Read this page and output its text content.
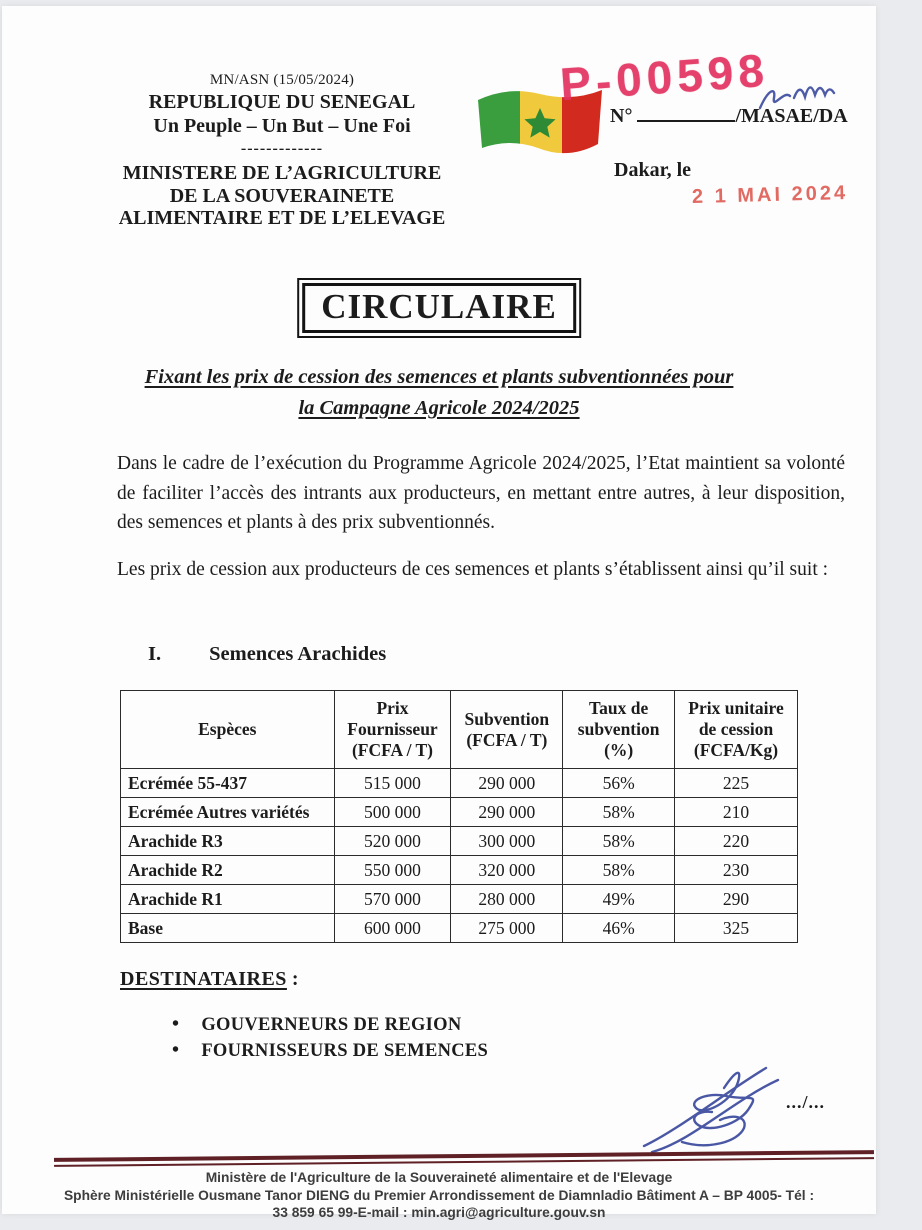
MN/ASN (15/05/2024)
REPUBLIQUE DU SENEGAL
Un Peuple – Un But – Une Foi
-------------
MINISTERE DE L’AGRICULTURE
DE LA SOUVERAINETE
ALIMENTAIRE ET DE L’ELEVAGE
P-00598
N°	/MASAE/DA
Dakar, le
2 1 MAI 2024
CIRCULAIRE
Fixant les prix de cession des semences et plants subventionnées pour
la Campagne Agricole 2024/2025

Dans le cadre de l’exécution du Programme Agricole 2024/2025, l’Etat maintient sa volonté de faciliter l’accès des intrants aux producteurs, en mettant entre autres, à leur disposition, des semences et plants à des prix subventionnés.

Les prix de cession aux producteurs de ces semences et plants s’établissent ainsi qu’il suit :

I. Semences Arachides
Espèces	Prix Fournisseur (FCFA / T)	Subvention (FCFA / T)	Taux de subvention (%)	Prix unitaire de cession (FCFA/Kg)
Ecrémée 55-437	515 000	290 000	56%	225
Ecrémée Autres variétés	500 000	290 000	58%	210
Arachide R3	520 000	300 000	58%	220
Arachide R2	550 000	320 000	58%	230
Arachide R1	570 000	280 000	49%	290
Base	600 000	275 000	46%	325
DESTINATAIRES :
• GOUVERNEURS DE REGION
• FOURNISSEURS DE SEMENCES
.../...
Ministère de l'Agriculture de la Souveraineté alimentaire et de l'Elevage
Sphère Ministérielle Ousmane Tanor DIENG du Premier Arrondissement de Diamnladio Bâtiment A – BP 4005- Tél :
33 859 65 99-E-mail : min.agri@agriculture.gouv.sn
